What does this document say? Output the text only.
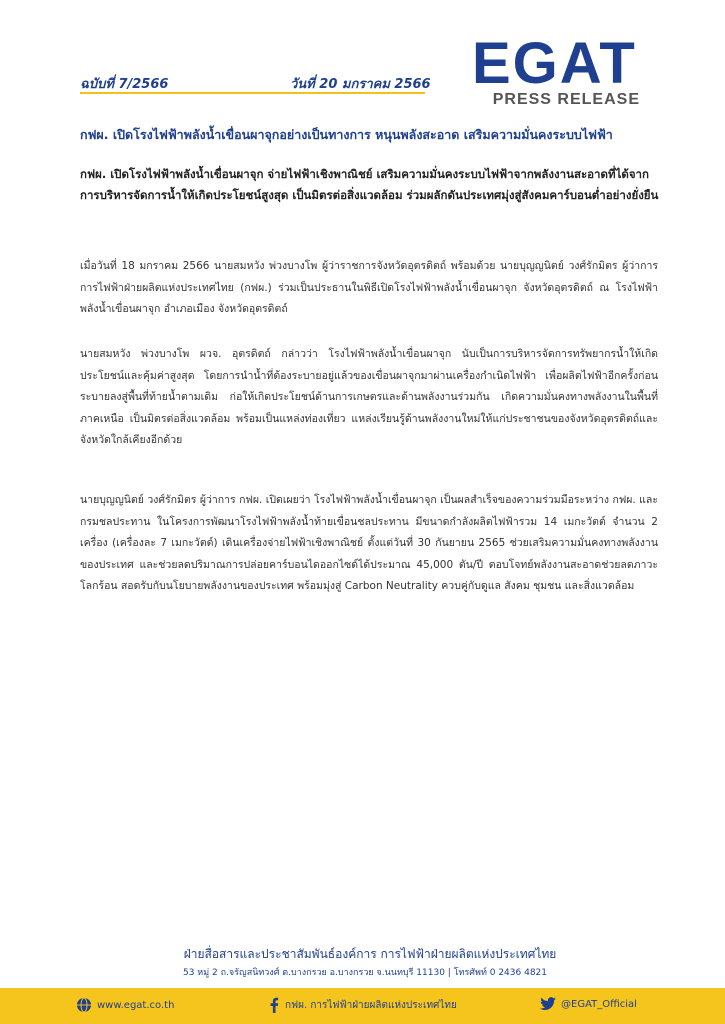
ฉบับที่ 7/2566	วันที่ 20 มกราคม 2566 EGAT
PRESS RELEASE
กฟผ. เปิดโรงไฟฟ้าพลังน้ำเขื่อนผาจุกอย่างเป็นทางการ หนุนพลังสะอาด เสริมความมั่นคงระบบไฟฟ้า
กฟผ. เปิดโรงไฟฟ้าพลังน้ำเขื่อนผาจุก จ่ายไฟฟ้าเชิงพาณิชย์ เสริมความมั่นคงระบบไฟฟ้าจากพลังงานสะอาดที่ได้จากการบริหารจัดการน้ำให้เกิดประโยชน์สูงสุด เป็นมิตรต่อสิ่งแวดล้อม ร่วมผลักดันประเทศมุ่งสู่สังคมคาร์บอนต่ำอย่างยั่งยืน
เมื่อวันที่ 18 มกราคม 2566 นายสมหวัง พ่วงบางโพ ผู้ว่าราชการจังหวัดอุตรดิตถ์ พร้อมด้วย นายบุญญนิตย์ วงศ์รักมิตร ผู้ว่าการการไฟฟ้าฝ่ายผลิตแห่งประเทศไทย (กฟผ.) ร่วมเป็นประธานในพิธีเปิดโรงไฟฟ้าพลังน้ำเขื่อนผาจุก จังหวัดอุตรดิตถ์ ณ โรงไฟฟ้าพลังน้ำเขื่อนผาจุก อำเภอเมือง จังหวัดอุตรดิตถ์
นายสมหวัง พ่วงบางโพ ผวจ. อุตรดิตถ์ กล่าวว่า โรงไฟฟ้าพลังน้ำเขื่อนผาจุก นับเป็นการบริหารจัดการทรัพยากรน้ำให้เกิดประโยชน์และคุ้มค่าสูงสุด โดยการนำน้ำที่ต้องระบายอยู่แล้วของเขื่อนผาจุกมาผ่านเครื่องกำเนิดไฟฟ้า เพื่อผลิตไฟฟ้าอีกครั้งก่อนระบายลงสู่พื้นที่ท้ายน้ำตามเดิม ก่อให้เกิดประโยชน์ด้านการเกษตรและด้านพลังงานร่วมกัน เกิดความมั่นคงทางพลังงานในพื้นที่ภาคเหนือ เป็นมิตรต่อสิ่งแวดล้อม พร้อมเป็นแหล่งท่องเที่ยว แหล่งเรียนรู้ด้านพลังงานใหม่ให้แก่ประชาชนของจังหวัดอุตรดิตถ์และจังหวัดใกล้เคียงอีกด้วย
นายบุญญนิตย์ วงศ์รักมิตร ผู้ว่าการ กฟผ. เปิดเผยว่า โรงไฟฟ้าพลังน้ำเขื่อนผาจุก เป็นผลสำเร็จของความร่วมมือระหว่าง กฟผ. และกรมชลประทาน ในโครงการพัฒนาโรงไฟฟ้าพลังน้ำท้ายเขื่อนชลประทาน มีขนาดกำลังผลิตไฟฟ้ารวม 14 เมกะวัตต์ จำนวน 2 เครื่อง (เครื่องละ 7 เมกะวัตต์) เดินเครื่องจ่ายไฟฟ้าเชิงพาณิชย์ ตั้งแต่วันที่ 30 กันยายน 2565 ช่วยเสริมความมั่นคงทางพลังงานของประเทศ และช่วยลดปริมาณการปล่อยคาร์บอนไดออกไซด์ได้ประมาณ 45,000 ตัน/ปี ตอบโจทย์พลังงานสะอาดช่วยลดภาวะโลกร้อน สอดรับกับนโยบายพลังงานของประเทศ พร้อมมุ่งสู่ Carbon Neutrality ควบคู่กับดูแล สังคม ชุมชน และสิ่งแวดล้อม
ฝ่ายสื่อสารและประชาสัมพันธ์องค์การ การไฟฟ้าฝ่ายผลิตแห่งประเทศไทย
53 หมู่ 2 ถ.จรัญสนิทวงศ์ ต.บางกรวย อ.บางกรวย จ.นนทบุรี 11130 | โทรศัพท์ 0 2436 4821
www.egat.co.th	กฟผ. การไฟฟ้าฝ่ายผลิตแห่งประเทศไทย	@EGAT_Official
